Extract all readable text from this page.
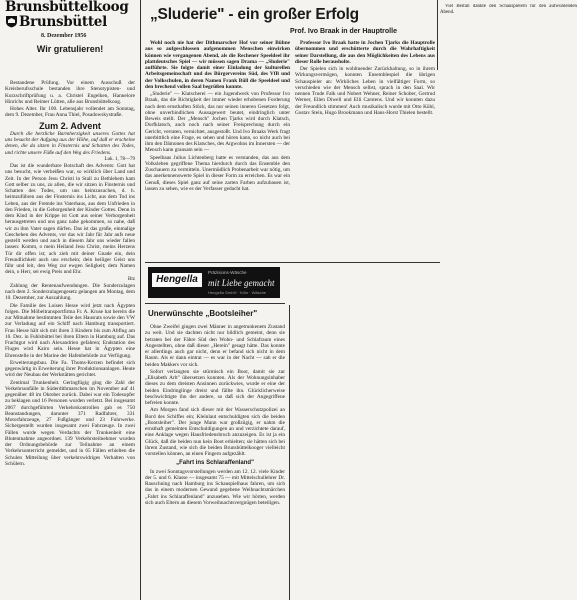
Brunsbüttelkoog
Brunsbüttel
8. Dezember 1956
Wir gratulieren!

Bestandene Prüfung. Vor einem Ausschuß der Kreisberufsschule bestanden ihre Stenotypisten- und Kurzschriftprüfung u. a. Christel Engelken, Hannelore Hinrichs und Reimer Lütten, alle aus Brunsbüttelkoog.

Hohes Alter. Ihr 100. Lebensjahr vollendet am Sonntag, dem 9. Dezember, Frau Anna Thiel, Posadowskystraße.

Zum 2. Advent

Durch die herzliche Barmherzigkeit unseres Gottes hat uns besucht der Aufgang aus der Höhe, auf daß er erscheine denen, die da sitzen in Finsternis und Schatten des Todes, und richte unsere Füße auf den Weg des Friedens.

Luk. 1, 78—79

Das ist die wunderbare Botschaft des Advents: Gott hat uns besucht, wie verheißen war, so wirklich über Land und Zeit. In der Person Jesu Christi in Stall zu Bethlehem kam Gott selber zu uns, zu allen, die wir sitzen in Finsternis und Schatten des Todes, um uns heimzusuchen, d. h. heimzuführen aus der Finsternis ins Licht, aus dem Tod ins Leben, aus der Fremde ins Vaterhaus, aus dem Unfrieden in den Frieden, in die Geborgenheit der Kinder Gottes. Denn in dem Kind in der Krippe ist Gott aus seiner Verborgenheit herausgetreten und uns ganz nahe gekommen, so nahe, daß wir zu ihm Vater sagen dürfen. Das ist das große, einmalige Geschehen des Advents, vor das wir Jahr für Jahr aufs neue gestellt werden und auch in diesem Jahr uns wieder fallen lassen: Komm, o mein Heiland Jesu Christ, meins Herzens Tür dir offen ist; ach zieh mit deiner Gnade ein, dein Freundlichkeit auch uns erschein; dein heiliger Geist uns führ und leit, den Weg zur ewgen Seligkeit; dem Namen dein, o Herr, sei ewig Preis und Ehr.

Btz

Zahlung der Rentenaufwendungen. Die Sonderzulagen nach dem 2. Sonderzulagengesetz gelangen am Montag, dem 10. Dezember, zur Auszahlung.

Die Familie des Loisen Hesse wird jetzt nach Ägypten folgen. Die Möbeltransportfirma Fr. A. Kruse hat bereits die zur Mitnahme bestimmten Teile des Hausrats sowie den VW zur Verladung auf ein Schiff nach Hamburg transportiert. Frau Hesse hält sich mit ihren 3 Kindern bis zum Abflug am 16. Dez. in Fuhlsbüttel bei ihren Eltern in Hamburg auf. Das Frachtgut wird nach Alexandrien gefahren; Endstation des Fluges wird Kairo sein. Hesse hat in Ägypten eine Ehrenstelle in der Marine der Hafenbehörde zur Verfügung.

Erweiterungsbau. Die Fa. Thoms-Kerzen befindet sich gegenwärtig in Erweiterung ihrer Produktionsanlagen. Heute wird der Neubau der Werkstätten gerichtet.

Zentimal Trunkenheit. Geringfügig ging die Zahl der Verkehrsunfälle in Süderdithmarschen im November auf 41 gegenüber 48 im Oktober zurück. Dabei war ein Todesopfer zu beklagen und 16 Personen wurden verletzt. Bei insgesamt 2067 durchgeführten Verkehrskontrollen gab es 750 Beanstandungen, darunter 371 Radfahrer, 331 Motorfahrzeuge, 27 Fußgänger und 23 Fuhrwerke. Sichergestellt wurden insgesamt zwei Fahrzeuge. In zwei Fällen wurde wegen Verdachts der Trunkenheit eine Blutentnahme angeordnet. 139 Verkehrsteilnehmer wurden der Ordnungsbehörde zur Teilnahme an einem Verkehrsunterricht gemeldet, und in 65 Fällen erhielten die Schulen Mitteilung über verkehrswidriges Verhalten von Schülern.

„Sluderie" - ein großer Erfolg
Prof. Ivo Braak in der Hauptrolle

Wohl noch nie hat der Dithmarscher Hof vor seiner Bühne aus so aufgeschlossen aufgenommen Menschen einwirken können wie vergangenen Abend, als die Rechener Speeldeel ihr plattdeutsches Spiel — wir müssen sagen Drama — „Sluderie" aufführte. Sie folgte damit einer Einladung der kulturellen Arbeitsgemeinschaft und des Bürgervereins Süd, des VfB und der Volkschulen, in deren Namen Frank Büll die Speeldeel und den brechend vollen Saal begrüßen konnte.

„Sluderie" — Klatscherei — ein Jugendwerk von Professor Ivo Braak, das die Richtigkeit der immer wieder erhobenen Forderung nach dem ernsthaften Stück, das nur seinen inneren Gesetzen folgt, ohne unverbindlichen Aussagewert beutet, eindringlich unter Beweis stellt. Der „Mensch" Jochen Tjarks wird durch Klatsch, Dorfklatsch, auch noch nach seiner Freisprechung durch ein Gericht, verraten, vernichtet, ausgestoßt. Und Ivo Braaks Werk fragt unerbittlich eine Frage, es sehen und hören kann, so nicht auch bei ihm den Dämonen des Klatsches, des Argwohns im Innersten — der Mensch kann grausam sein —

Speelbaas Julius Lichtenberg hatte es verstanden, das aus dem Volksleben gegriffene Thema hierdurch durch das Ensemble den Zuschauern zu vermitteln. Unermüdlich Probenarbeit war nötig, um das anerkennenswerte Spiel in dieser Form zu erreichen. Es war ein Genuß, dieses Spiel ganz auf seine zarten Farben aufzubauen ist, lassen zu sehen, wie es der Verfasser gedacht hat.

Professor Ivo Braak hatte in Jochen Tjarks die Hauptrolle übernommen und erschütterte durch die Wahrhaftigkeit seiner Darstellung, die aus den Möglichkeiten des Lebens aus dieser Rolle herausholte.

Der Spielen sich in wohltuender Zurückhaltung, so in ihrem Wirkungsvermögen, konnten Ensemblespiel die übrigen Schauspieler an: Wirkliches Leben in vielfältiger Form, so verschieden wie der Mensch selbst, sprach in den Saal. Wir nennen Trude Falk und Nobert Wehner, Reiner Schober, Gertrud Werner, Ellen Diwell und Elli Carstens. Und wir konnten dazu der Freundlich stimmen! Auch musikalisch wurde mit Otto Kühl, Gustav Stein, Hugo Brookmann und Hans-Horst Thielen bestellt.

Viel Beifall dankte den Schauspielern für den aufwühlenden Abend.

Hengella
Präzisions-Wäsche
mit Liebe gemacht
Hengella GmbH · Köln · Wäsche
Unerwünschte „Bootsleiher"

Ohne Zweifel gingen zwei Männer in angetrunkenem Zustand zu weit. Und sie dachten nicht nur bildlich gemeint, denn sie betraten bei der Fähre Süd den Wohn- und Schlafraum eines Angestellten, ohne daß dieser „Herein" gesagt hätte. Das konnte er allerdings auch gar nicht, denn er befand sich nicht in dem Raum. Als er dann eintrat — es war in der Nacht — sah er die beiden Makkers vor sich.

Sofort verlangten sie stürmisch ein Boot, damit sie zur „Elisabeth Arlt" übersetzen konnten. Als der Wohnungsinhaber dieses zu dem dreisten Ansinnen zurückwies, wurde er eine der beiden Eindringlinge dreist und fällte ihn. Glücklicherweise beschwichtigte ihn der andere, so daß sich der Angegriffene befreien konnte.

Am Morgen fand sich dieser mit der Wasserschutzpolizei an Bord des Schiffes ein; Kleinlaut entschuldigten sich die beiden „Bootsleiher". Der junge Mann war großzügig, er nahm die ernsthaft gemeinten Entschuldigungen an und verzichtete darauf, eine Anklage wegen Hausfriedensbruch anzuzeigen. Es ist ja ein Glück, daß die beiden nun kein Boot erhielten; sie hätten sich bei ihrem Zustand, wie sich die beiden Brunsbüttelkooger vielleicht vorstellen können, an einen Fingern aufgezählt.

„Fahrt ins Schlaraffenland"

In zwei Sonntagsvorstellungen werden am 12. 12. viele Kinder der 5. und 6. Klasse — insgesamt 75 — mit Mittelschullehrer Dr. Rauschning nach Hamburg ins Schauspielhaus fahren, um sich das in einem modernen Gewand gegebene Weihnachtsmärchen „Fahrt ins Schlaraffenland" anzusehen. Wie wir hörten, werden sich auch Eltern an diesem Vorweihnachtsvergnügen beteiligen.
